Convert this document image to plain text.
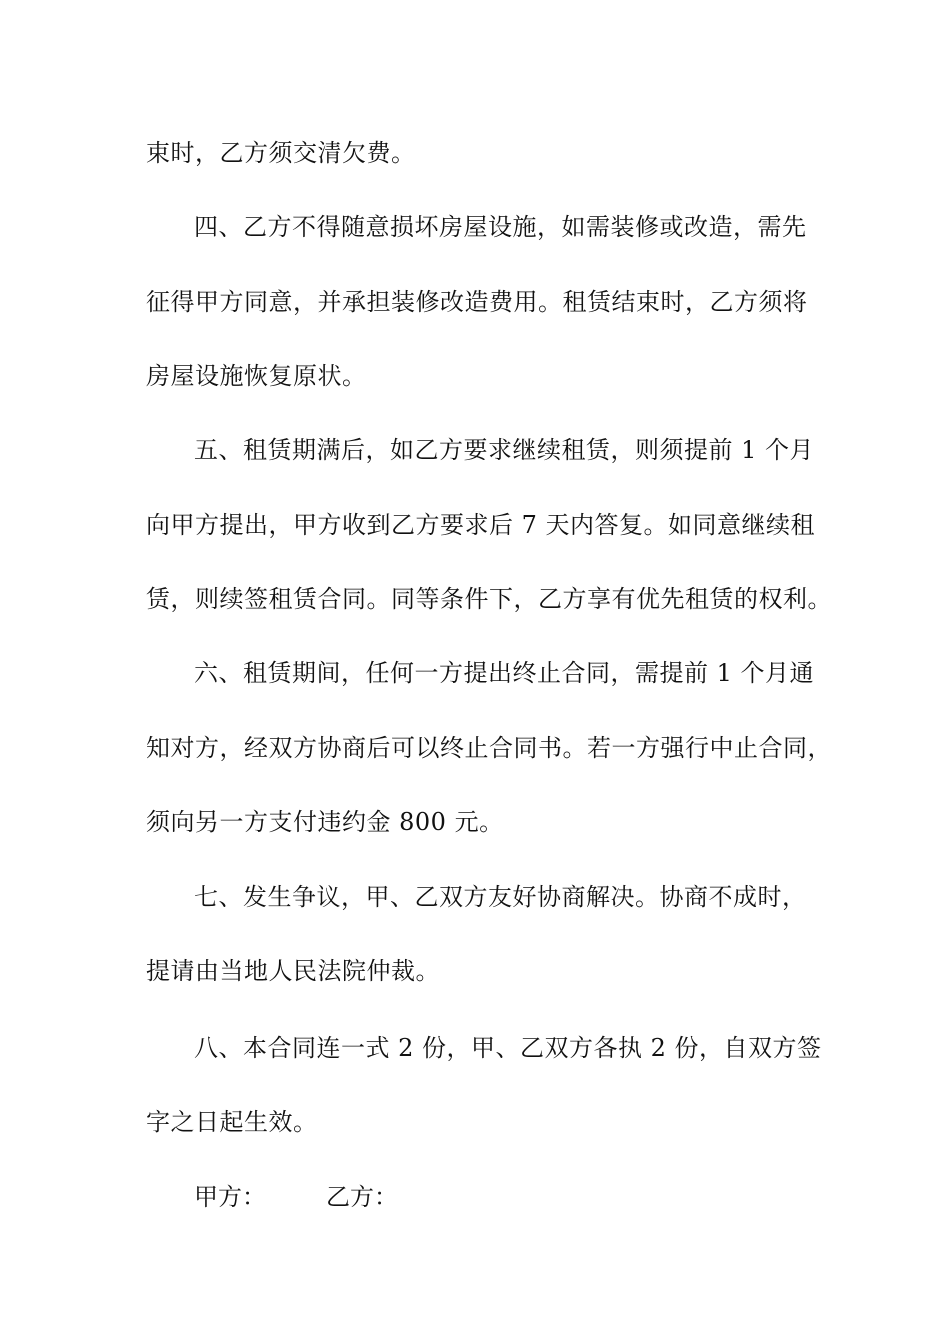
束时，乙方须交清欠费。
四、乙方不得随意损坏房屋设施，如需装修或改造，需先
征得甲方同意，并承担装修改造费用。租赁结束时，乙方须将
房屋设施恢复原状。
五、租赁期满后，如乙方要求继续租赁，则须提前 1 个月
向甲方提出，甲方收到乙方要求后 7 天内答复。如同意继续租
赁，则续签租赁合同。同等条件下，乙方享有优先租赁的权利。
六、租赁期间，任何一方提出终止合同，需提前 1 个月通
知对方，经双方协商后可以终止合同书。若一方强行中止合同，
须向另一方支付违约金 800 元。
七、发生争议，甲、乙双方友好协商解决。协商不成时，
提请由当地人民法院仲裁。
八、本合同连一式 2 份，甲、乙双方各执 2 份，自双方签
字之日起生效。
甲方：	乙方：
